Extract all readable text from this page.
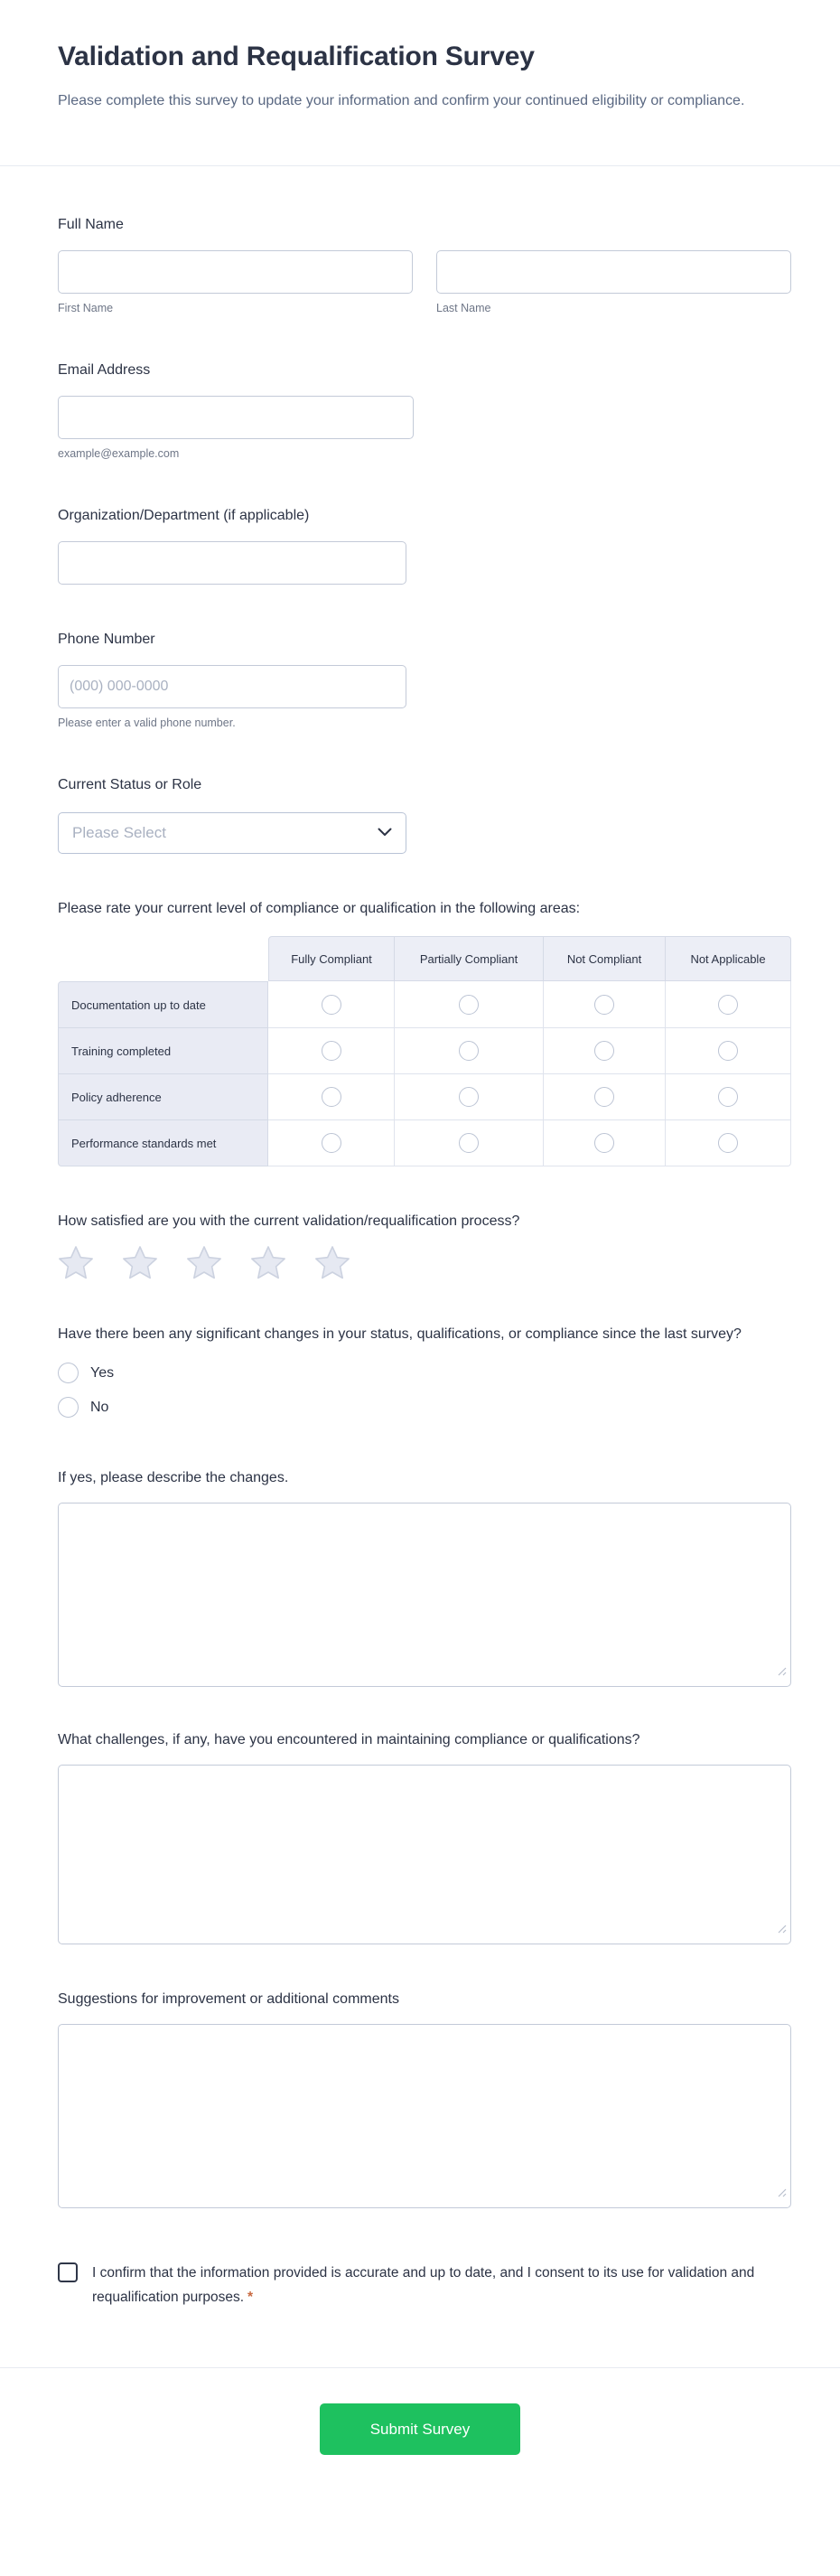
Validation and Requalification Survey

Please complete this survey to update your information and confirm your continued eligibility or compliance.

Full Name
First Name	Last Name
Email Address
example@example.com
Organization/Department (if applicable)
Phone Number
(000) 000-0000
Please enter a valid phone number.
Current Status or Role
Please Select
Please rate your current level of compliance or qualification in the following areas:
	Fully Compliant	Partially Compliant	Not Compliant	Not Applicable
Documentation up to date				
Training completed				
Policy adherence				
Performance standards met				
How satisfied are you with the current validation/requalification process?
Have there been any significant changes in your status, qualifications, or compliance since the last survey?
Yes
No
If yes, please describe the changes.
What challenges, if any, have you encountered in maintaining compliance or qualifications?
Suggestions for improvement or additional comments
I confirm that the information provided is accurate and up to date, and I consent to its use for validation and requalification purposes. *
Submit Survey
